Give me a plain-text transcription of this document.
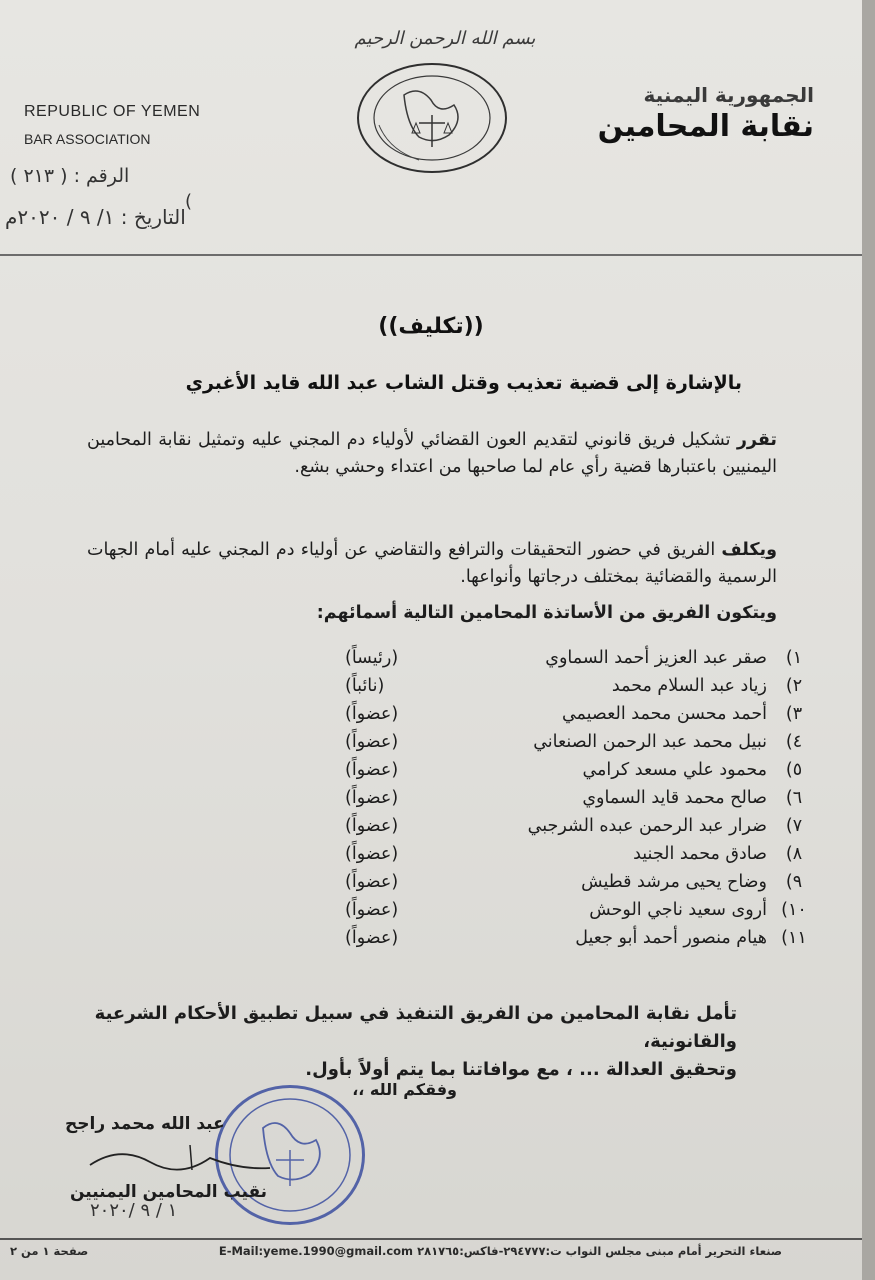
بسم الله الرحمن الرحيم
REPUBLIC OF YEMEN
BAR ASSOCIATION
الجمهورية اليمنية
نقابة المحامين
الرقم : ( ٢١٣ )
)
التاريخ : ١/ ٩ / ٢٠٢٠م
((تكليف))
بالإشارة إلى قضية تعذيب وقتل الشاب عبد الله قايد الأغبري
تقرر تشكيل فريق قانوني لتقديم العون القضائي لأولياء دم المجني عليه وتمثيل نقابة المحامين اليمنيين باعتبارها قضية رأي عام لما صاحبها من اعتداء وحشي بشع.
ويكلف الفريق في حضور التحقيقات والترافع والتقاضي عن أولياء دم المجني عليه أمام الجهات الرسمية والقضائية بمختلف درجاتها وأنواعها.
ويتكون الفريق من الأساتذة المحامين التالية أسمائهم:
١)
صقر عبد العزيز أحمد السماوي
(رئيساً)
٢)
زياد عبد السلام محمد
(نائباً)
٣)
أحمد محسن محمد العصيمي
(عضواً)
٤)
نبيل محمد عبد الرحمن الصنعاني
(عضواً)
٥)
محمود علي مسعد كرامي
(عضواً)
٦)
صالح محمد قايد السماوي
(عضواً)
٧)
ضرار عبد الرحمن عبده الشرجبي
(عضواً)
٨)
صادق محمد الجنيد
(عضواً)
٩)
وضاح يحيى مرشد قطيش
(عضواً)
١٠)
أروى سعيد ناجي الوحش
(عضواً)
١١)
هيام منصور أحمد أبو جعيل
(عضواً)
تأمل نقابة المحامين من الفريق التنفيذ في سبيل تطبيق الأحكام الشرعية والقانونية،
وتحقيق العدالة ... ، مع موافاتنا بما يتم أولاً بأول.
وفقكم الله ،،
عبد الله محمد راجح
نقيب المحامين اليمنيين
١ / ٩ /٢٠٢٠
صنعاء التحرير أمام مبنى مجلس النواب ت:٢٩٤٧٧٧-فاكس:٢٨١٧٦٥ E-Mail:yeme.1990@gmail.com
صفحة ١ من ٢
